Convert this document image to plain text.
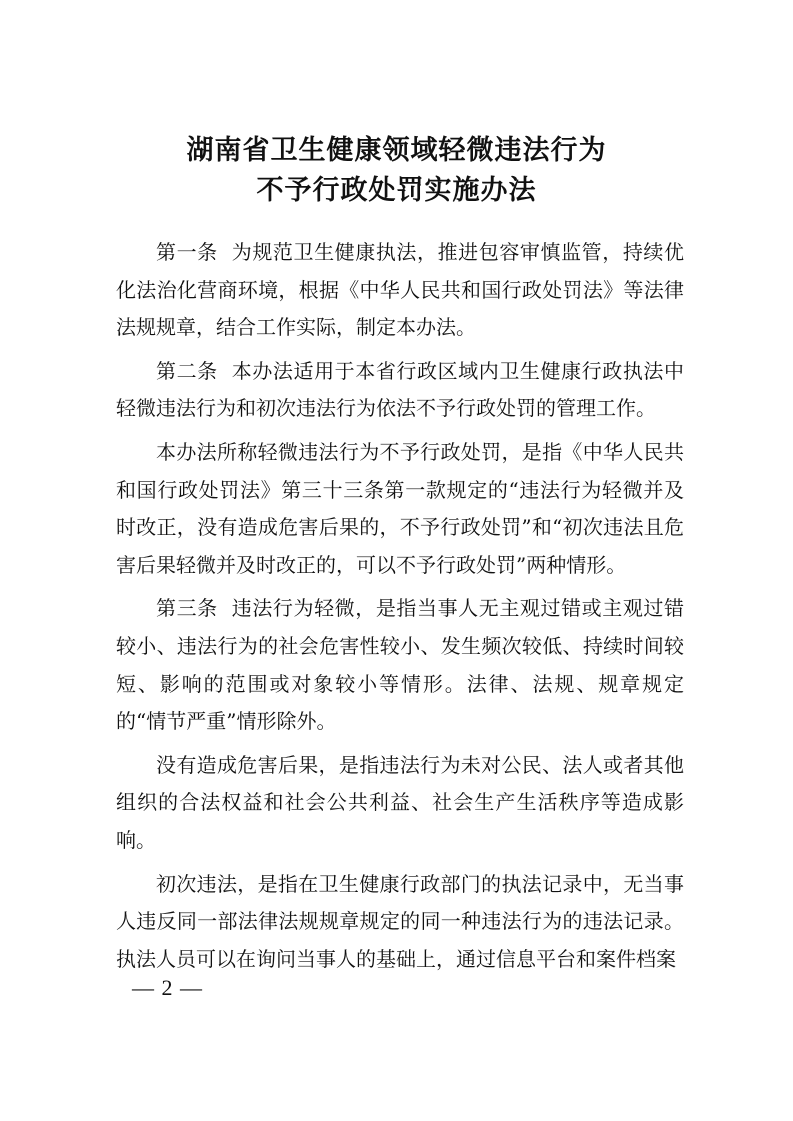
湖南省卫生健康领域轻微违法行为
不予行政处罚实施办法

第一条 为规范卫生健康执法，推进包容审慎监管，持续优化法治化营商环境，根据《中华人民共和国行政处罚法》等法律法规规章，结合工作实际，制定本办法。

第二条 本办法适用于本省行政区域内卫生健康行政执法中轻微违法行为和初次违法行为依法不予行政处罚的管理工作。

本办法所称轻微违法行为不予行政处罚，是指《中华人民共和国行政处罚法》第三十三条第一款规定的“违法行为轻微并及时改正，没有造成危害后果的，不予行政处罚”和“初次违法且危害后果轻微并及时改正的，可以不予行政处罚”两种情形。

第三条 违法行为轻微，是指当事人无主观过错或主观过错较小、违法行为的社会危害性较小、发生频次较低、持续时间较短、影响的范围或对象较小等情形。法律、法规、规章规定的“情节严重”情形除外。

没有造成危害后果，是指违法行为未对公民、法人或者其他组织的合法权益和社会公共利益、社会生产生活秩序等造成影响。

初次违法，是指在卫生健康行政部门的执法记录中，无当事人违反同一部法律法规规章规定的同一种违法行为的违法记录。执法人员可以在询问当事人的基础上，通过信息平台和案件档案

— 2 —
